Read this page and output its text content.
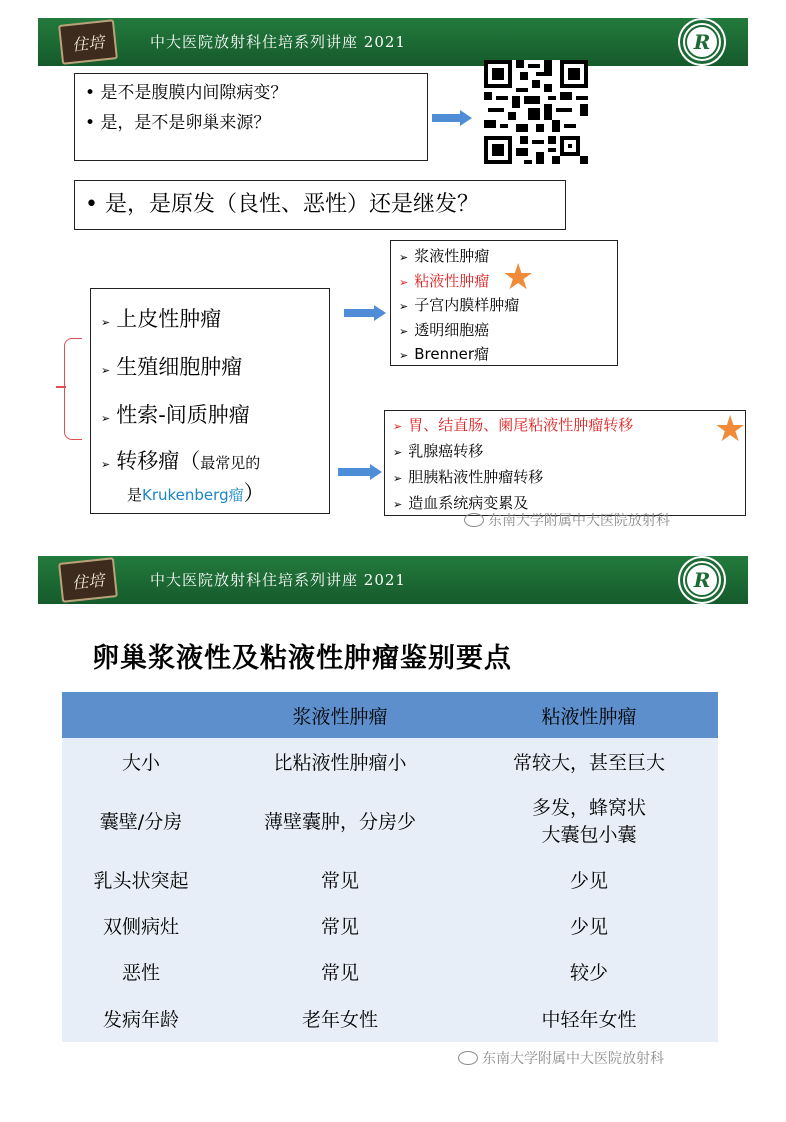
住培	中大医院放射科住培系列讲座 2021	R
• 是不是腹膜内间隙病变？
• 是，是不是卵巢来源？
• 是，是原发（良性、恶性）还是继发？
➢ 上皮性肿瘤
➢ 生殖细胞肿瘤
➢ 性索-间质肿瘤
➢ 转移瘤（最常见的
是Krukenberg瘤）
➢ 浆液性肿瘤
➢ 粘液性肿瘤
➢ 子宫内膜样肿瘤
➢ 透明细胞癌
➢ Brenner瘤
★
➢ 胃、结直肠、阑尾粘液性肿瘤转移
➢ 乳腺癌转移
➢ 胆胰粘液性肿瘤转移
➢ 造血系统病变累及
★
东南大学附属中大医院放射科
住培	中大医院放射科住培系列讲座 2021	R
卵巢浆液性及粘液性肿瘤鉴别要点
	浆液性肿瘤	粘液性肿瘤
大小	比粘液性肿瘤小	常较大，甚至巨大
囊壁/分房	薄壁囊肿，分房少	多发，蜂窝状
大囊包小囊

乳头状突起	常见	少见
双侧病灶	常见	少见
恶性	常见	较少
发病年龄	老年女性	中轻年女性
东南大学附属中大医院放射科
